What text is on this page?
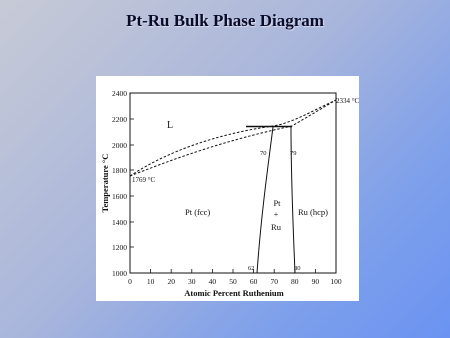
Pt-Ru Bulk Phase Diagram
2400
2200
2000
1800
1600
1400
1200
1000
0 10 20 30 40 50 60 70 80 90 100
Atomic Percent Ruthenium
Temperature °C
L
Pt (fcc)
Pt
+
Ru
Ru (hcp)
1769 °C
2334 °C
70	79
62	80
